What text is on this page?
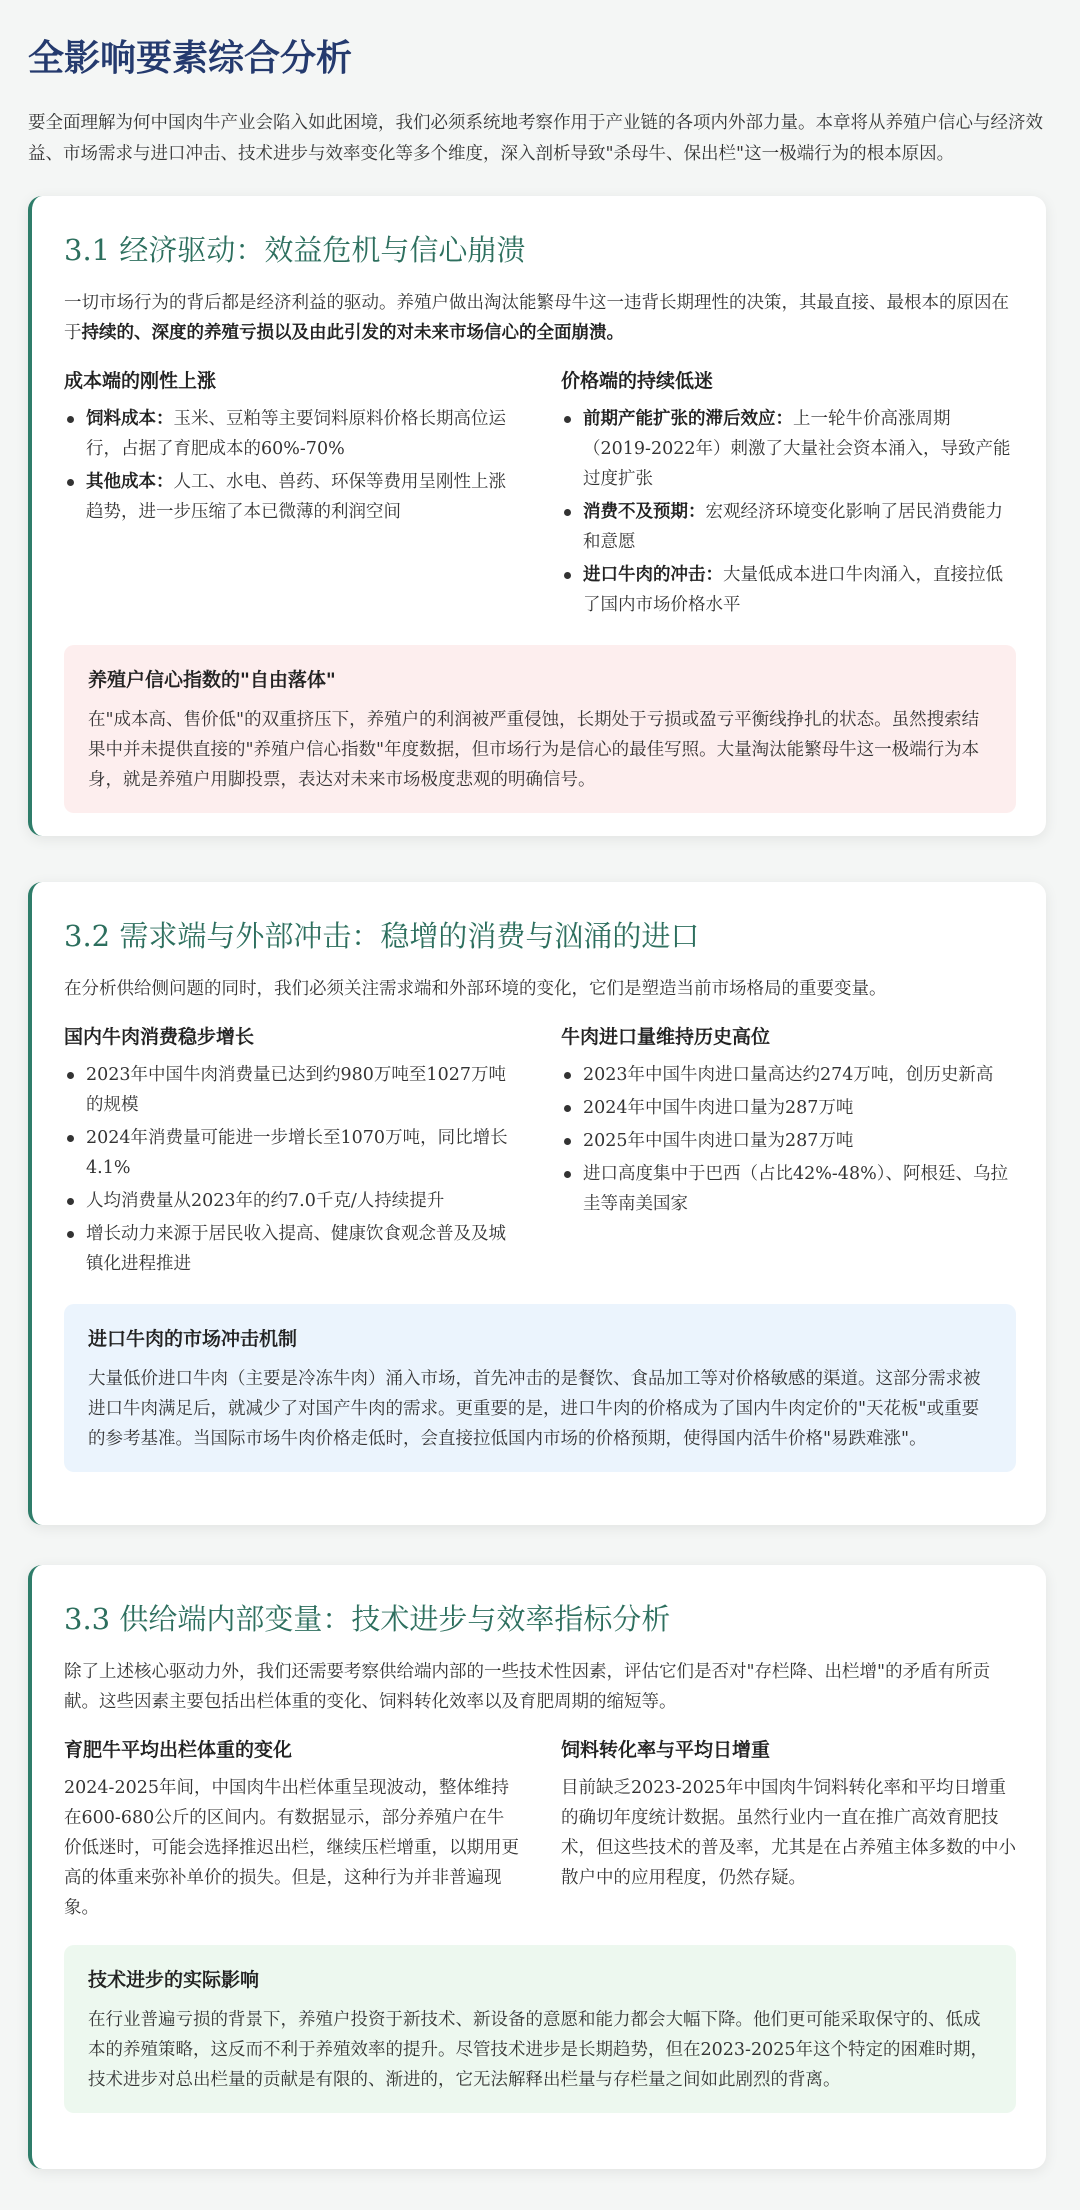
全影响要素综合分析

要全面理解为何中国肉牛产业会陷入如此困境，我们必须系统地考察作用于产业链的各项内外部力量。本章将从养殖户信心与经济效益、市场需求与进口冲击、技术进步与效率变化等多个维度，深入剖析导致"杀母牛、保出栏"这一极端行为的根本原因。

3.1 经济驱动：效益危机与信心崩溃

一切市场行为的背后都是经济利益的驱动。养殖户做出淘汰能繁母牛这一违背长期理性的决策，其最直接、最根本的原因在于持续的、深度的养殖亏损以及由此引发的对未来市场信心的全面崩溃。

成本端的刚性上涨
饲料成本：玉米、豆粕等主要饲料原料价格长期高位运行，占据了育肥成本的60%-70%
其他成本：人工、水电、兽药、环保等费用呈刚性上涨趋势，进一步压缩了本已微薄的利润空间
价格端的持续低迷
前期产能扩张的滞后效应：上一轮牛价高涨周期（2019-2022年）刺激了大量社会资本涌入，导致产能过度扩张
消费不及预期：宏观经济环境变化影响了居民消费能力和意愿
进口牛肉的冲击：大量低成本进口牛肉涌入，直接拉低了国内市场价格水平
养殖户信心指数的"自由落体"

在"成本高、售价低"的双重挤压下，养殖户的利润被严重侵蚀，长期处于亏损或盈亏平衡线挣扎的状态。虽然搜索结果中并未提供直接的"养殖户信心指数"年度数据，但市场行为是信心的最佳写照。大量淘汰能繁母牛这一极端行为本身，就是养殖户用脚投票，表达对未来市场极度悲观的明确信号。

3.2 需求端与外部冲击：稳增的消费与汹涌的进口

在分析供给侧问题的同时，我们必须关注需求端和外部环境的变化，它们是塑造当前市场格局的重要变量。

国内牛肉消费稳步增长
2023年中国牛肉消费量已达到约980万吨至1027万吨的规模
2024年消费量可能进一步增长至1070万吨，同比增长4.1%
人均消费量从2023年的约7.0千克/人持续提升
增长动力来源于居民收入提高、健康饮食观念普及及城镇化进程推进
牛肉进口量维持历史高位
2023年中国牛肉进口量高达约274万吨，创历史新高
2024年中国牛肉进口量为287万吨
2025年中国牛肉进口量为287万吨
进口高度集中于巴西（占比42%-48%）、阿根廷、乌拉圭等南美国家
进口牛肉的市场冲击机制

大量低价进口牛肉（主要是冷冻牛肉）涌入市场，首先冲击的是餐饮、食品加工等对价格敏感的渠道。这部分需求被进口牛肉满足后，就减少了对国产牛肉的需求。更重要的是，进口牛肉的价格成为了国内牛肉定价的"天花板"或重要的参考基准。当国际市场牛肉价格走低时，会直接拉低国内市场的价格预期，使得国内活牛价格"易跌难涨"。

3.3 供给端内部变量：技术进步与效率指标分析

除了上述核心驱动力外，我们还需要考察供给端内部的一些技术性因素，评估它们是否对"存栏降、出栏增"的矛盾有所贡献。这些因素主要包括出栏体重的变化、饲料转化效率以及育肥周期的缩短等。

育肥牛平均出栏体重的变化

2024-2025年间，中国肉牛出栏体重呈现波动，整体维持在600-680公斤的区间内。有数据显示，部分养殖户在牛价低迷时，可能会选择推迟出栏，继续压栏增重，以期用更高的体重来弥补单价的损失。但是，这种行为并非普遍现象。

饲料转化率与平均日增重

目前缺乏2023-2025年中国肉牛饲料转化率和平均日增重的确切年度统计数据。虽然行业内一直在推广高效育肥技术，但这些技术的普及率，尤其是在占养殖主体多数的中小散户中的应用程度，仍然存疑。

技术进步的实际影响

在行业普遍亏损的背景下，养殖户投资于新技术、新设备的意愿和能力都会大幅下降。他们更可能采取保守的、低成本的养殖策略，这反而不利于养殖效率的提升。尽管技术进步是长期趋势，但在2023-2025年这个特定的困难时期，技术进步对总出栏量的贡献是有限的、渐进的，它无法解释出栏量与存栏量之间如此剧烈的背离。
